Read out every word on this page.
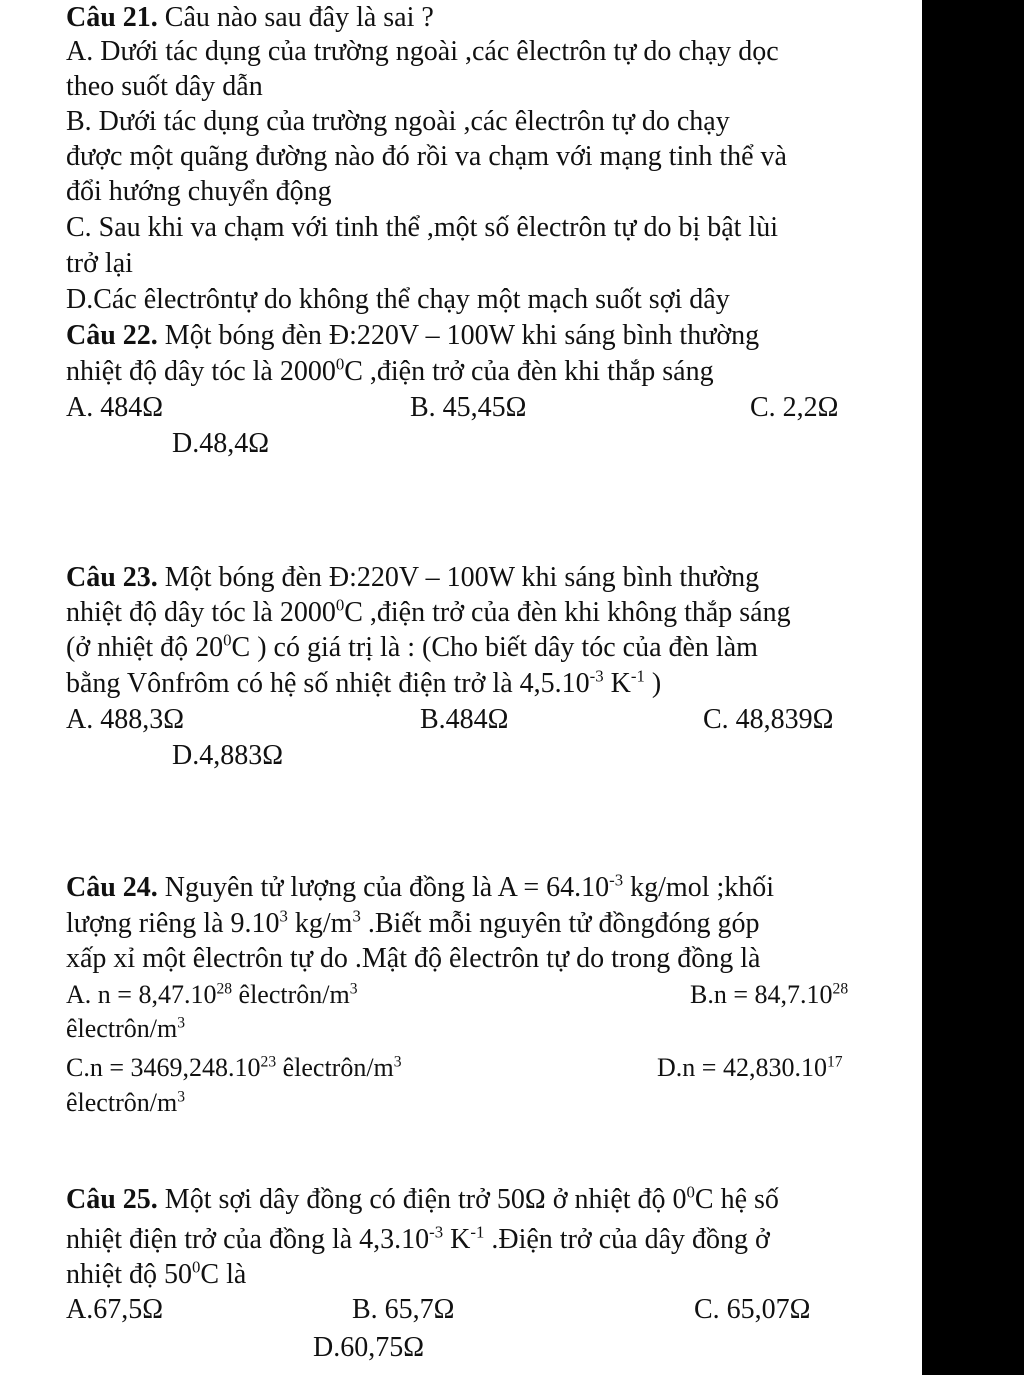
Câu 21. Câu nào sau đây là sai ?
A. Dưới tác dụng của trường ngoài ,các êlectrôn tự do chạy dọc
theo suốt dây dẫn
B. Dưới tác dụng của trường ngoài ,các êlectrôn tự do chạy
được một quãng đường nào đó rồi va chạm với mạng tinh thể và
đổi hướng chuyển động
C. Sau khi va chạm với tinh thể ,một số êlectrôn tự do bị bật lùi
trở lại
D.Các êlectrôntự do không thể chạy một mạch suốt sợi dây
Câu 22. Một bóng đèn Đ:220V – 100W khi sáng bình thường
nhiệt độ dây tóc là 2000$^0$C ,điện trở của đèn khi thắp sáng
A. 484Ω	B. 45,45Ω	C. 2,2Ω
D.48,4Ω
Câu 23. Một bóng đèn Đ:220V – 100W khi sáng bình thường
nhiệt độ dây tóc là 2000$^0$C ,điện trở của đèn khi không thắp sáng
(ở nhiệt độ $20^0C$ ) có giá trị là : (Cho biết dây tóc của đèn làm
bằng Vônfrôm có hệ số nhiệt điện trở là $4,5.10^{-3}$ $K^{-1}$ )
A. 488,3Ω	B.484Ω	C. 48,839Ω
D.4,883Ω
Câu 24. Nguyên tử lượng của đồng là $A = 64.10^{-3}$ kg/mol ;khối
lượng riêng là 9.10$^3$ $kg/m^3$ .Biết mỗi nguyên tử đồngđóng góp
xấp xỉ một êlectrôn tự do .Mật độ êlectrôn tự do trong đồng là
A. $n = 8,47.10^{28}$ êlectrôn/$m^3$	$B.n = 84,7.10^{28}$
êlectrôn/$m^3$
$C.n = 3469,248.10^{23}$ êlectrôn/$m^3$	$D.n = 42,830.10^{17}$
êlectrôn/$m^3$
Câu 25. Một sợi dây đồng có điện trở 50Ω ở nhiệt độ $0^0C$ hệ số
nhiệt điện trở của đồng là $4,3.10^{-3}$ $K^{-1}$ .Điện trở của dây đồng ở
nhiệt độ $50^0C$ là
A.67,5Ω	B. 65,7Ω	C. 65,07Ω
D.60,75Ω
